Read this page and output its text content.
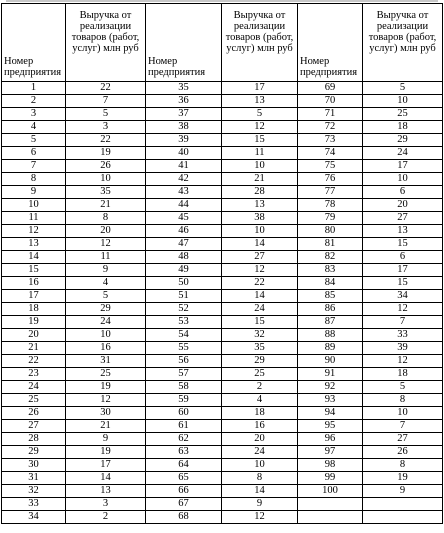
Номер предприятия	Выручка от реализации товаров (работ, услуг) млн руб	Номер предприятия	Выручка от реализации товаров (работ, услуг) млн руб	Номер предприятия	Выручка от реализации товаров (работ, услуг) млн руб
1	22	35	17	69	5
2	7	36	13	70	10
3	5	37	5	71	25
4	3	38	12	72	18
5	22	39	15	73	29
6	19	40	11	74	24
7	26	41	10	75	17
8	10	42	21	76	10
9	35	43	28	77	6
10	21	44	13	78	20
11	8	45	38	79	27
12	20	46	10	80	13
13	12	47	14	81	15
14	11	48	27	82	6
15	9	49	12	83	17
16	4	50	22	84	15
17	5	51	14	85	34
18	29	52	24	86	12
19	24	53	15	87	7
20	10	54	32	88	33
21	16	55	35	89	39
22	31	56	29	90	12
23	25	57	25	91	18
24	19	58	2	92	5
25	12	59	4	93	8
26	30	60	18	94	10
27	21	61	16	95	7
28	9	62	20	96	27
29	19	63	24	97	26
30	17	64	10	98	8
31	14	65	8	99	19
32	13	66	14	100	9
33	3	67	9		
34	2	68	12		
